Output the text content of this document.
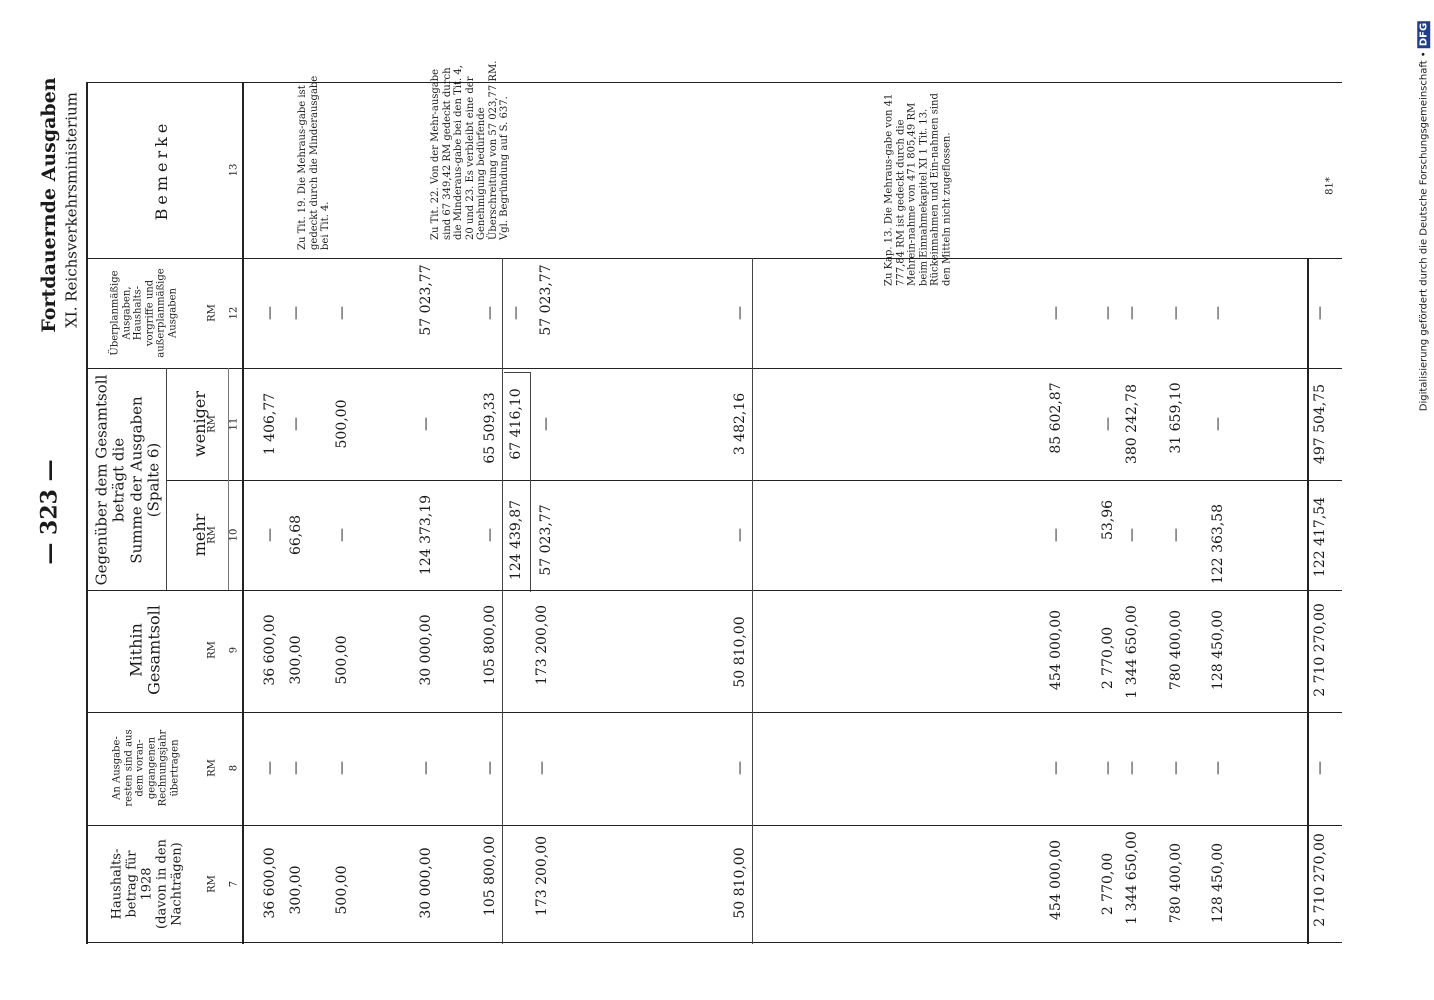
— 323 —
81*
Fortdauernde Ausgaben XI. Reichsverkehrsministerium	Digitalisierung gefördert durch die Deutsche Forschungsgemeinschaft • DFG
Haushalts-
betrag für
1928
(davon in den
Nachträgen)
An Ausgabe-
resten sind aus
dem voran-
gegangenen
Rechnungsjahr
übertragen
Mithin
Gesamtsoll
Gegenüber dem Gesamtsoll
beträgt die
Summe der Ausgaben
(Spalte 6)
mehr
weniger
Überplanmäßige
Ausgaben,
Haushalts-
vorgriffe und
außerplanmäßige
Ausgaben
Bemerke
RM
RM
RM
RM
RM
RM
7
8
9
10
11
12
13
36 600,00
—
36 600,00
—
1 406,77
—
300,00
—
300,00
66,68
—
—
500,00
—
500,00
—
500,00
—
Zu Tit. 19. Die Mehraus-gabe ist gedeckt durch die Minderausgabe bei Tit. 4.
30 000,00
—
30 000,00
124 373,19
—
57 023,77
Zu Tit. 22. Von der Mehr-ausgabe sind 67 349,42 RM gedeckt durch die Minderaus-gabe bei den Tit. 4, 20 und 23. Es verbleibt eine der Genehmigung bedürfende Überschreitung von 57 023,77 RM. Vgl. Begründung auf S. 637.
105 800,00
—
105 800,00
—
65 509,33
—
173 200,00
—
173 200,00
124 439,87 57 023,77
67 416,10 —
— 57 023,77
50 810,00
—
50 810,00
—
3 482,16
—
Zu Kap. 13. Die Mehraus-gabe von 41 777,84 RM ist gedeckt durch die Mehrein-nahme von 471 805,49 RM beim Einnahmekapitel XI 1 Tit. 13. Rückeinnahmen und Ein-nahmen sind den Mitteln nicht zugeflossen.
454 000,00
—
454 000,00
—
85 602,87
—
2 770,00
—
2 770,00
53,96
—
—
1 344 650,00
—
1 344 650,00
—
380 242,78
—
780 400,00
—
780 400,00
—
31 659,10
—
128 450,00
—
128 450,00
122 363,58
—
—
2 710 270,00
—
2 710 270,00
122 417,54
497 504,75
—
